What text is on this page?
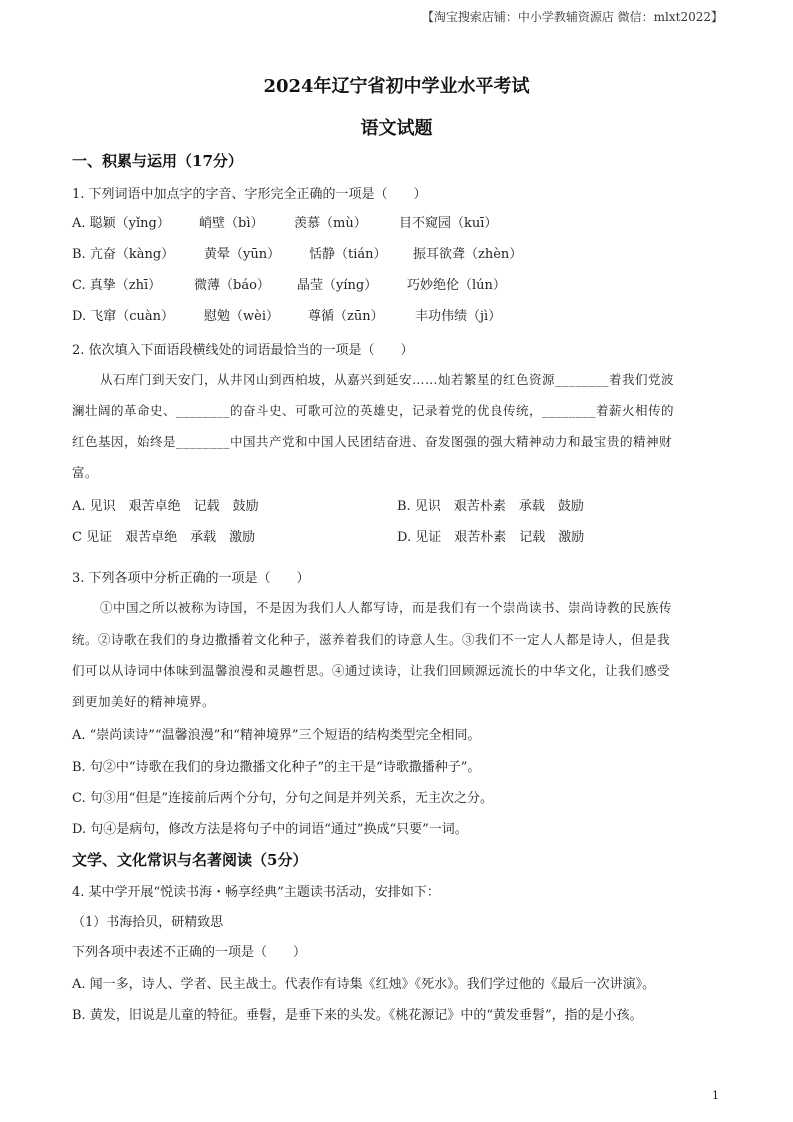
【淘宝搜索店铺：中小学教辅资源店 微信：mlxt2022】
2024年辽宁省初中学业水平考试
语文试题
一、积累与运用（17分）
1. 下列词语中加点字的字音、字形完全正确的一项是（　　）
A. 聪颖（yǐng） 峭壁（bì） 羡慕（mù） 目不窥园（kuī）
B. 亢奋（kàng） 黄晕（yūn） 恬静（tián） 振耳欲聋（zhèn）
C. 真挚（zhī）	微薄（báo） 晶莹（yíng） 巧妙绝伦（lún）
D. 飞窜（cuàn） 慰勉（wèi） 尊循（zūn） 丰功伟绩（jì）
2. 依次填入下面语段横线处的词语最恰当的一项是（　　）
从石库门到天安门，从井冈山到西柏坡，从嘉兴到延安……灿若繁星的红色资源________着我们党波
澜壮阔的革命史、________的奋斗史、可歌可泣的英雄史，记录着党的优良传统，________着薪火相传的
红色基因，始终是________中国共产党和中国人民团结奋进、奋发图强的强大精神动力和最宝贵的精神财
富。
A. 见识　艰苦卓绝　记载　鼓励	B. 见识　艰苦朴素　承载　鼓励
C 见证　艰苦卓绝　承载　激励	D. 见证　艰苦朴素　记载　激励
3. 下列各项中分析正确的一项是（　　）
①中国之所以被称为诗国，不是因为我们人人都写诗，而是我们有一个崇尚读书、崇尚诗教的民族传
统。②诗歌在我们的身边撒播着文化种子，滋养着我们的诗意人生。③我们不一定人人都是诗人，但是我
们可以从诗词中体味到温馨浪漫和灵趣哲思。④通过读诗，让我们回顾源远流长的中华文化，让我们感受
到更加美好的精神境界。
A. “崇尚读诗”“温馨浪漫”和“精神境界”三个短语的结构类型完全相同。
B. 句②中“诗歌在我们的身边撒播文化种子”的主干是“诗歌撒播种子”。
C. 句③用“但是”连接前后两个分句，分句之间是并列关系，无主次之分。
D. 句④是病句，修改方法是将句子中的词语“通过”换成“只要”一词。
文学、文化常识与名著阅读（5分）
4. 某中学开展“悦读书海・畅享经典”主题读书活动，安排如下：
（1）书海拾贝，研精致思
下列各项中表述不正确的一项是（　　）
A. 闻一多，诗人、学者、民主战士。代表作有诗集《红烛》《死水》。我们学过他的《最后一次讲演》。
B. 黄发，旧说是儿童的特征。垂髫，是垂下来的头发。《桃花源记》中的“黄发垂髫”，指的是小孩。
1
